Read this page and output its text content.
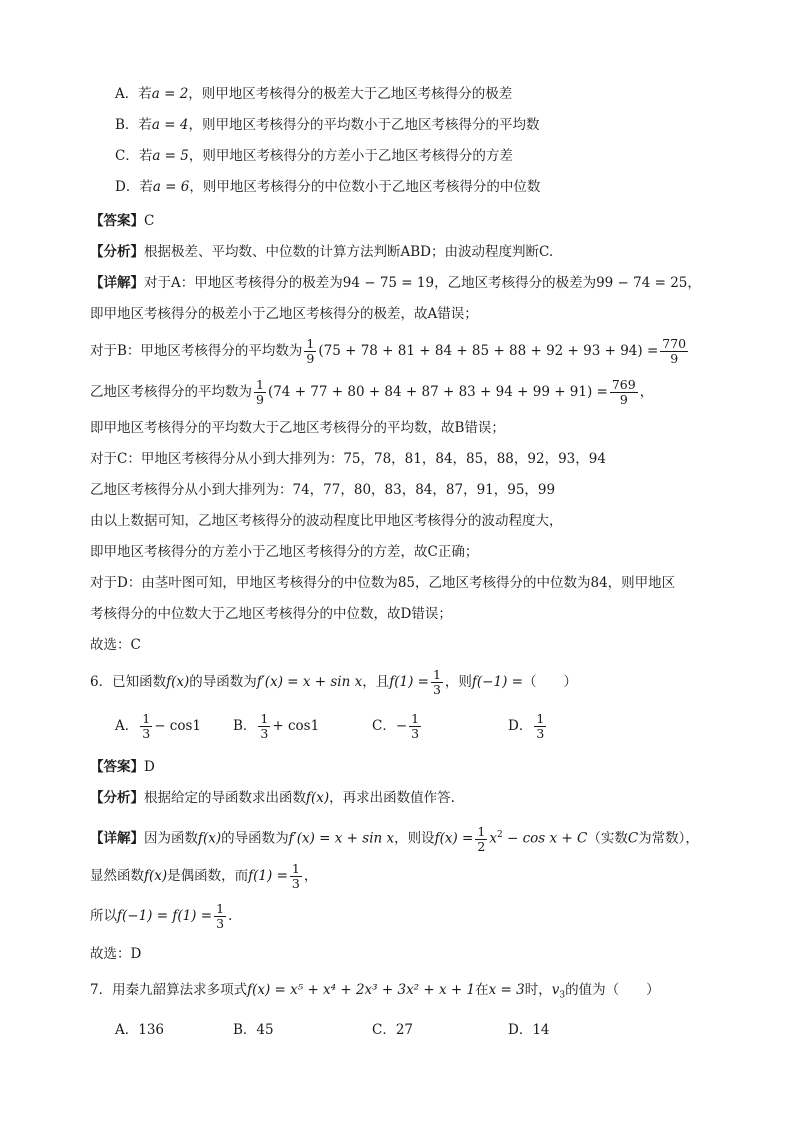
A．若a = 2，则甲地区考核得分的极差大于乙地区考核得分的极差
B．若a = 4，则甲地区考核得分的平均数小于乙地区考核得分的平均数
C．若a = 5，则甲地区考核得分的方差小于乙地区考核得分的方差
D．若a = 6，则甲地区考核得分的中位数小于乙地区考核得分的中位数
【答案】C
【分析】根据极差、平均数、中位数的计算方法判断ABD；由波动程度判断C.
【详解】对于A：甲地区考核得分的极差为94 − 75 = 19，乙地区考核得分的极差为99 − 74 = 25，
即甲地区考核得分的极差小于乙地区考核得分的极差，故A错误；
对于B：甲地区考核得分的平均数为 $\frac{1}{9} (75 + 78 + 81 + 84 + 85 + 88 + 92 + 93 + 94) = \frac{770}{9}$
乙地区考核得分的平均数为 $\frac{1}{9} (74 + 77 + 80 + 84 + 87 + 83 + 94 + 99 + 91) = \frac{769}{9}$ ，
即甲地区考核得分的平均数大于乙地区考核得分的平均数，故B错误；
对于C：甲地区考核得分从小到大排列为：75，78，81，84，85，88，92，93，94
乙地区考核得分从小到大排列为：74，77，80，83，84，87，91，95，99
由以上数据可知，乙地区考核得分的波动程度比甲地区考核得分的波动程度大，
即甲地区考核得分的方差小于乙地区考核得分的方差，故C正确；
对于D：由茎叶图可知，甲地区考核得分的中位数为85，乙地区考核得分的中位数为84，则甲地区
考核得分的中位数大于乙地区考核得分的中位数，故D错误；
故选：C
6．已知函数f(x)的导函数为f′(x) = x + sin x，且$f(1) = \frac{1}{3}$ ，则f(−1) =（　　）
A． $\frac{1}{3} - \cos 1$ B． $\frac{1}{3} + \cos 1$	C．− $\frac{1}{3}$	D． $\frac{1}{3}$
【答案】D
【分析】根据给定的导函数求出函数f(x)，再求出函数值作答.
【详解】因为函数f(x)的导函数为f′(x) = x + sin x，则设$f(x) = \frac{1}{2} x^2 - \cos x + C$（实数C为常数），
显然函数f(x)是偶函数，而$f(1) = \frac{1}{3}$ ，
所以$f(-1) = f(1) = \frac{1}{3}$ .
故选：D
7．用秦九韶算法求多项式f(x) = x⁵ + x⁴ + 2x³ + 3x² + x + 1在x = 3时，$v_3$的值为（　　）
A．136	B．45	C．27	D．14
